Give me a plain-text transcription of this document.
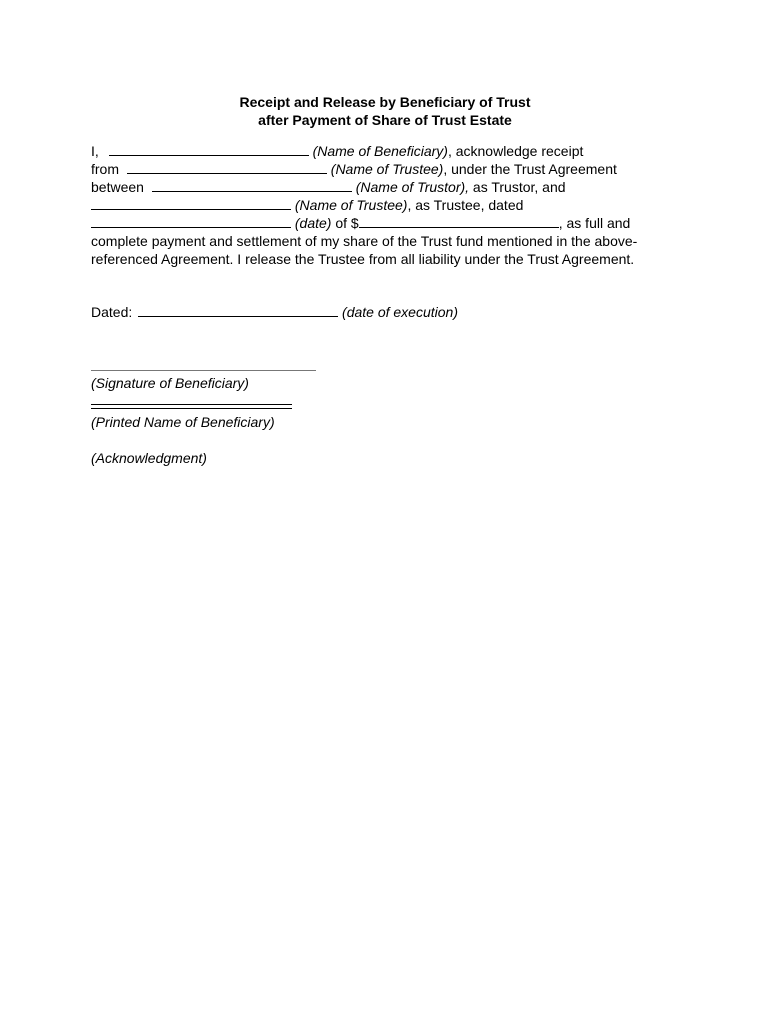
Receipt and Release by Beneficiary of Trust
after Payment of Share of Trust Estate
I,	(Name of Beneficiary), acknowledge receipt
from	(Name of Trustee), under the Trust Agreement
between	(Name of Trustor), as Trustor, and
(Name of Trustee), as Trustee, dated
(date) of $	, as full and
complete payment and settlement of my share of the Trust fund mentioned in the above-referenced Agreement. I release the Trustee from all liability under the Trust Agreement.
Dated:	(date of execution)
(Signature of Beneficiary)
(Printed Name of Beneficiary)
(Acknowledgment)
